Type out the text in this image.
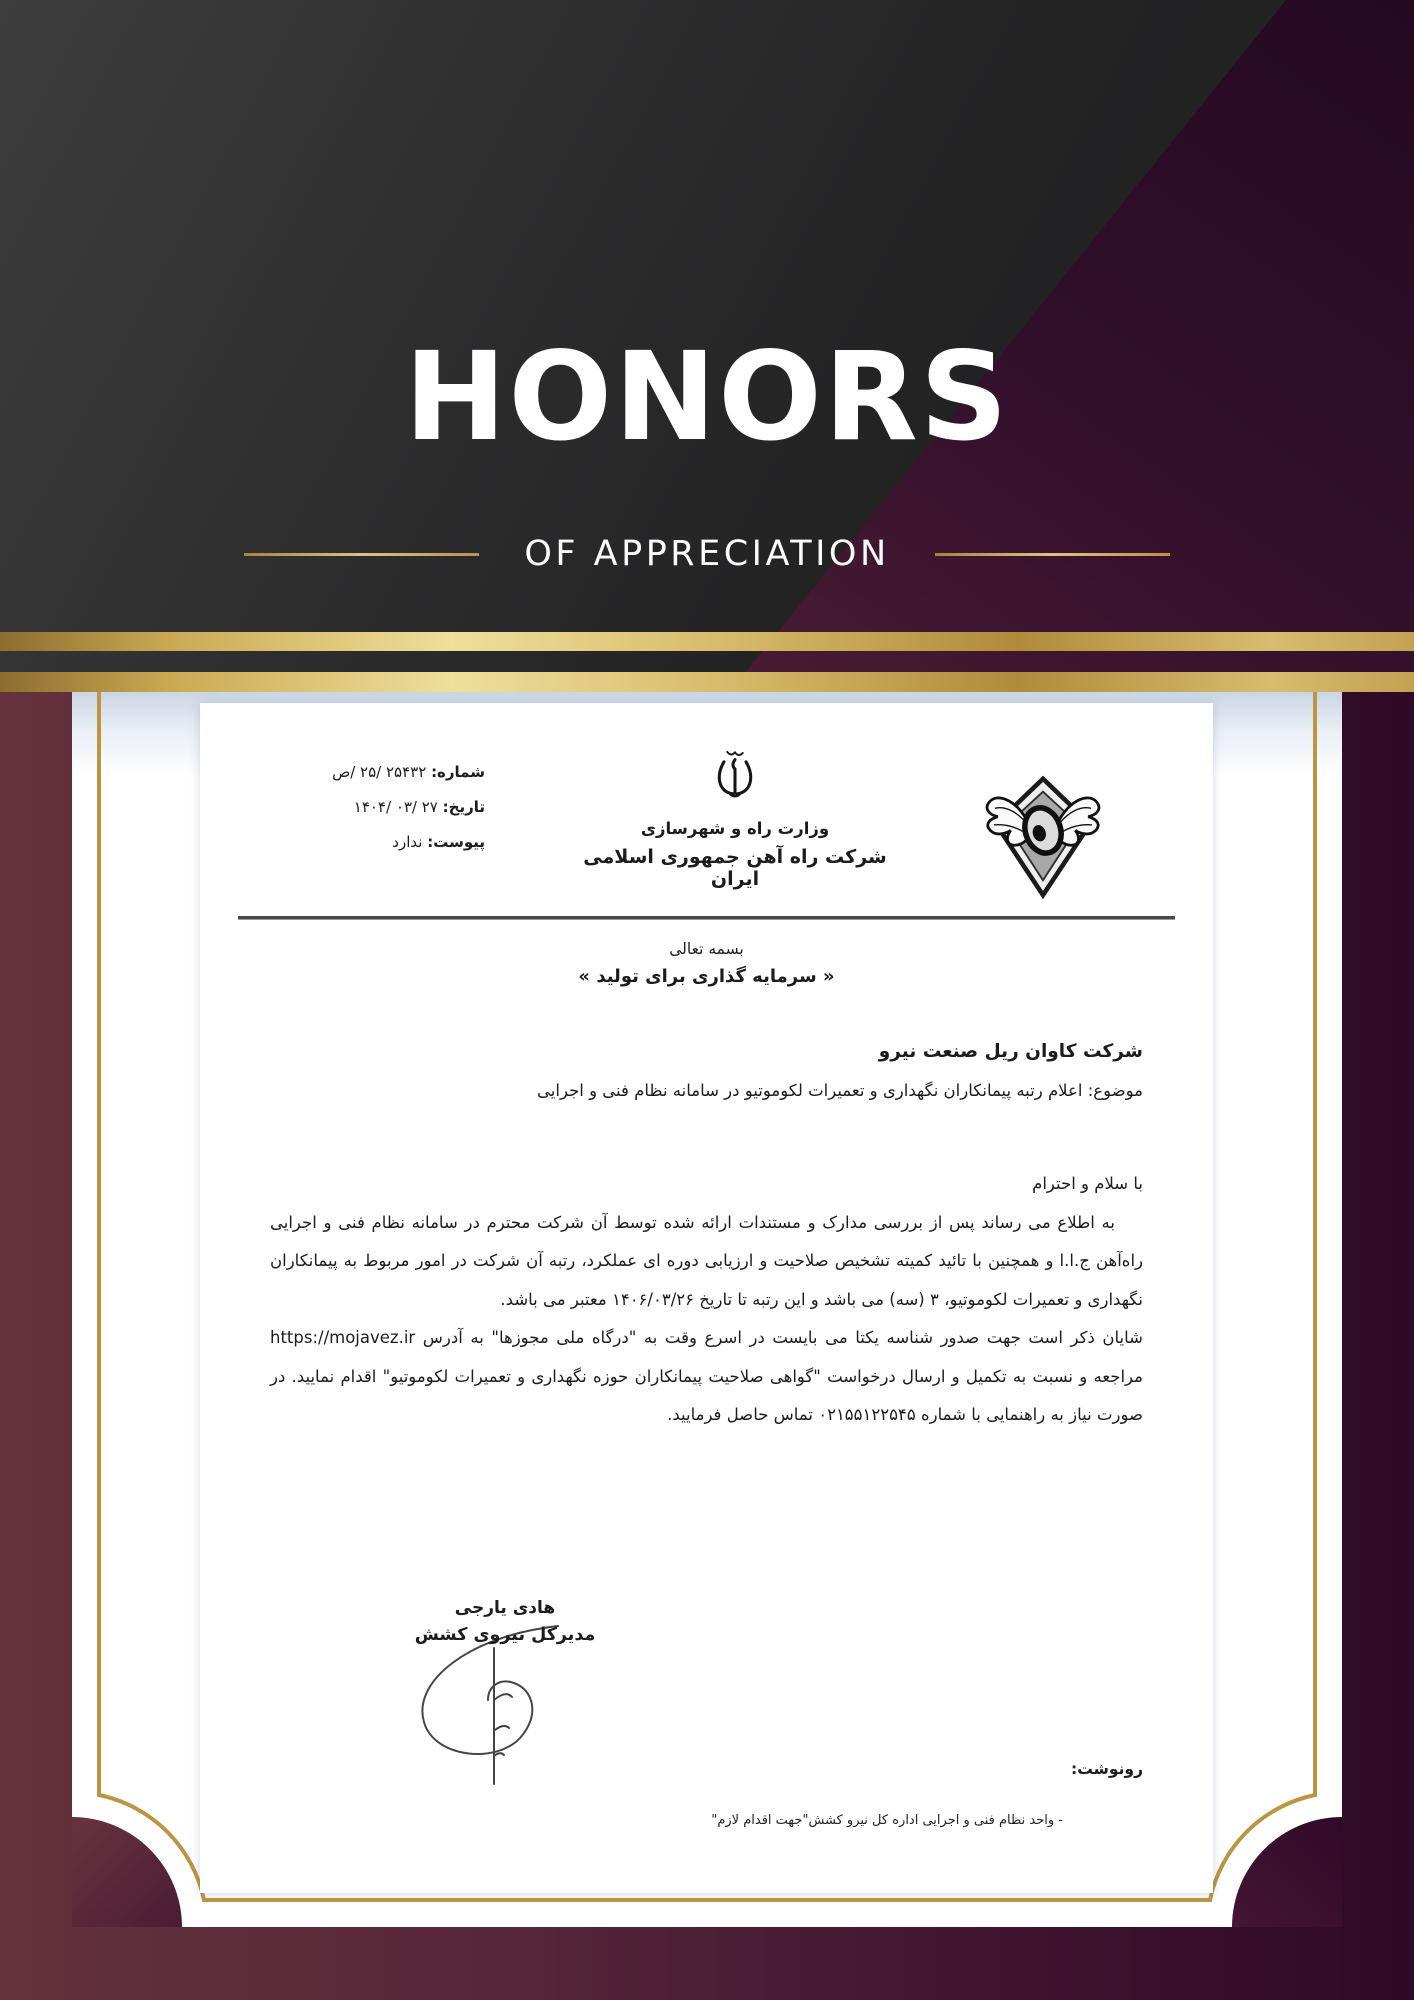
HONORS
OF APPRECIATION
شماره: ۲۵۴۳۲ /۲۵ /ص
تاریخ: ۱۴۰۴/ ۰۳/ ۲۷
پیوست: ندارد
وزارت راه و شهرسازی
شرکت راه آهن جمهوری اسلامی ایران
بسمه تعالی
« سرمایه گذاری برای تولید »
شرکت کاوان ریل صنعت نیرو
موضوع: اعلام رتبه پیمانکاران نگهداری و تعمیرات لکوموتیو در سامانه نظام فنی و اجرایی
با سلام و احترام

به اطلاع می رساند پس از بررسی مدارک و مستندات ارائه شده توسط آن شرکت محترم در سامانه نظام فنی و اجرایی راه‌آهن ج.ا.ا و همچنین با تائید کمیته تشخیص صلاحیت و ارزیابی دوره ای عملکرد، رتبه آن شرکت در امور مربوط به پیمانکاران نگهداری و تعمیرات لکوموتیو، ۳ (سه) می باشد و این رتبه تا تاریخ ۱۴۰۶/۰۳/۲۶ معتبر می باشد.

شایان ذکر است جهت صدور شناسه یکتا می بایست در اسرع وقت به "درگاه ملی مجوزها" به آدرس https://mojavez.ir مراجعه و نسبت به تکمیل و ارسال درخواست "گواهی صلاحیت پیمانکاران حوزه نگهداری و تعمیرات لکوموتیو" اقدام نمایید. در صورت نیاز به راهنمایی با شماره ۰۲۱۵۵۱۲۲۵۴۵ تماس حاصل فرمایید.

هادی یارجی
مدیرکل نیروی کشش
رونوشت:
- واحد نظام فنی و اجرایی اداره کل نیرو کشش"جهت اقدام لازم"
